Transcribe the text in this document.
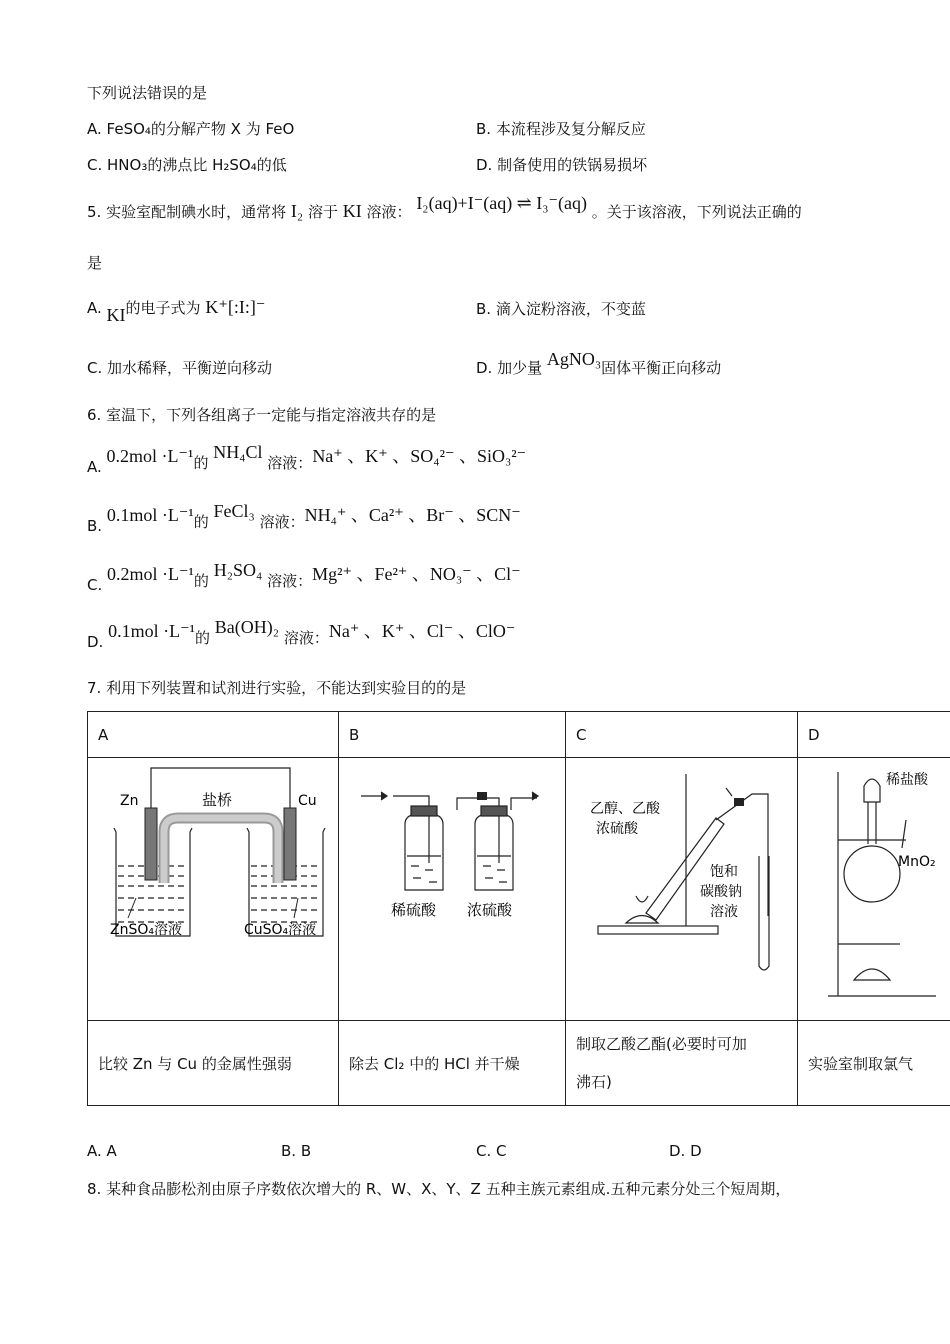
下列说法错误的是
A. FeSO₄的分解产物 X 为 FeO	B. 本流程涉及复分解反应
C. HNO₃的沸点比 H₂SO₄的低	D. 制备使用的铁锅易损坏
5. 实验室配制碘水时，通常将 I₂ 溶于 KI 溶液： I₂(aq)+I⁻(aq) ⇌ I₃⁻(aq) 。关于该溶液，下列说法正确的
是
A. KI的电子式为 K⁺[:I:]⁻	B. 滴入淀粉溶液，不变蓝
C. 加水稀释，平衡逆向移动	D. 加少量 AgNO₃固体平衡正向移动
6. 室温下，下列各组离子一定能与指定溶液共存的是
A. 0.2mol ·L⁻¹的 NH₄Cl 溶液：Na⁺ 、K⁺ 、SO₄²⁻ 、SiO₃²⁻
B. 0.1mol ·L⁻¹的 FeCl₃ 溶液：NH₄⁺ 、Ca²⁺ 、Br⁻ 、SCN⁻
C. 0.2mol ·L⁻¹的 H₂SO₄ 溶液：Mg²⁺ 、Fe²⁺ 、NO₃⁻ 、Cl⁻
D. 0.1mol ·L⁻¹的 Ba(OH)₂ 溶液：Na⁺ 、K⁺ 、Cl⁻ 、ClO⁻
7. 利用下列装置和试剂进行实验，不能达到实验目的的是
A	B	C	D

Zn 盐桥 Cu
ZnSO₄溶液 CuSO₄溶液	稀硫酸 浓硫酸	乙醇、乙酸
浓硫酸
饱和
碳酸钠
溶液	稀盐酸
MnO₂

比较 Zn 与 Cu 的金属性强弱	除去 Cl₂ 中的 HCl 并干燥	制取乙酸乙酯(必要时可加
沸石)	实验室制取氯气
A. A	B. B	C. C	D. D
8. 某种食品膨松剂由原子序数依次增大的 R、W、X、Y、Z 五种主族元素组成.五种元素分处三个短周期，
